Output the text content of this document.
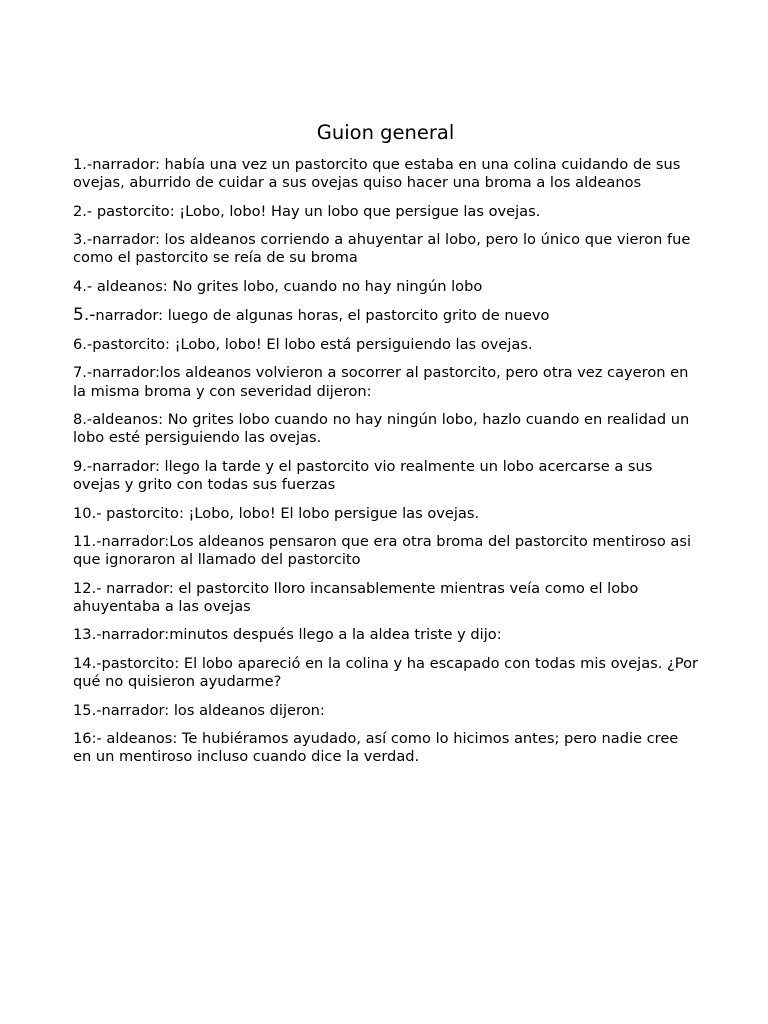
Guion general
1.-narrador: había una vez un pastorcito que estaba en una colina cuidando de sus ovejas, aburrido de cuidar a sus ovejas quiso hacer una broma a los aldeanos
2.- pastorcito: ¡Lobo, lobo! Hay un lobo que persigue las ovejas.
3.-narrador: los aldeanos corriendo a ahuyentar al lobo, pero lo único que vieron fue como el pastorcito se reía de su broma
4.- aldeanos: No grites lobo, cuando no hay ningún lobo
5.-narrador: luego de algunas horas, el pastorcito grito de nuevo
6.-pastorcito: ¡Lobo, lobo! El lobo está persiguiendo las ovejas.
7.-narrador:los aldeanos volvieron a socorrer al pastorcito, pero otra vez cayeron en la misma broma y con severidad dijeron:
8.-aldeanos: No grites lobo cuando no hay ningún lobo, hazlo cuando en realidad un lobo esté persiguiendo las ovejas.
9.-narrador: llego la tarde y el pastorcito vio realmente un lobo acercarse a sus ovejas y grito con todas sus fuerzas
10.- pastorcito: ¡Lobo, lobo! El lobo persigue las ovejas.
11.-narrador:Los aldeanos pensaron que era otra broma del pastorcito mentiroso asi que ignoraron al llamado del pastorcito
12.- narrador: el pastorcito lloro incansablemente mientras veía como el lobo ahuyentaba a las ovejas
13.-narrador:minutos después llego a la aldea triste y dijo:
14.-pastorcito: El lobo apareció en la colina y ha escapado con todas mis ovejas. ¿Por qué no quisieron ayudarme?
15.-narrador: los aldeanos dijeron:
16:- aldeanos: Te hubiéramos ayudado, así como lo hicimos antes; pero nadie cree en un mentiroso incluso cuando dice la verdad.
